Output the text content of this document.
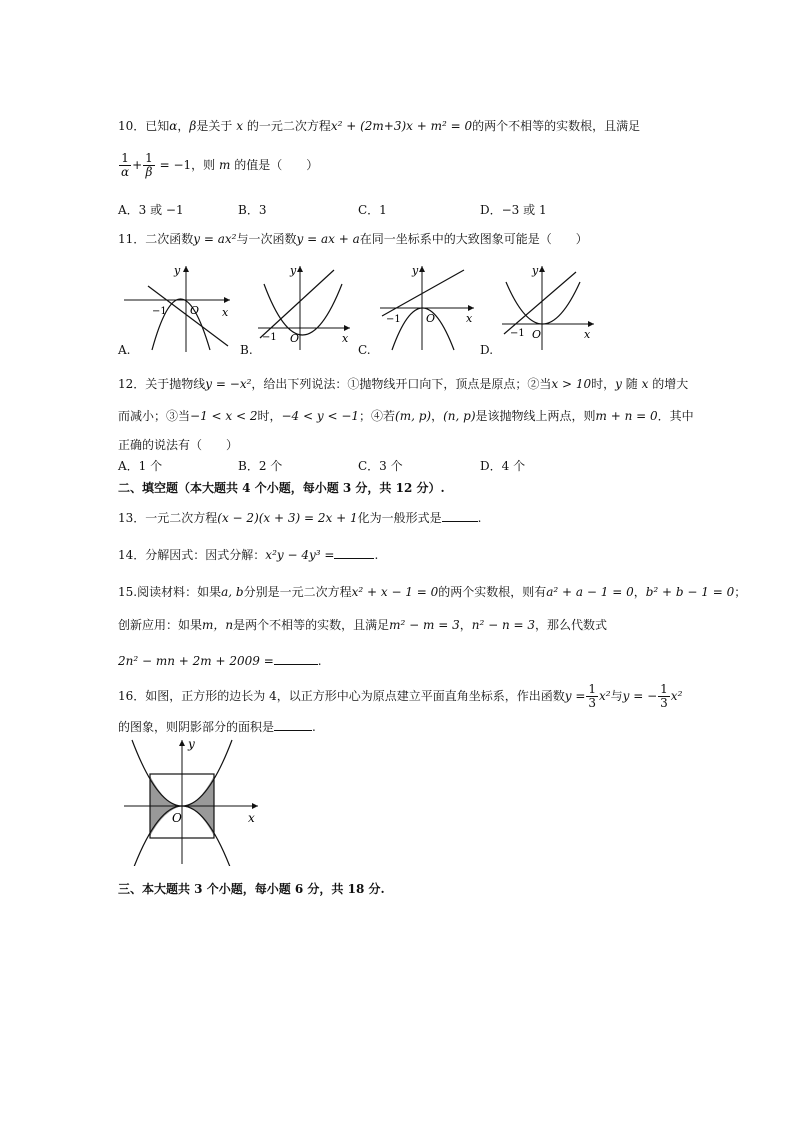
10．已知α，β是关于 x 的一元二次方程x² + (2m+3)x + m² = 0的两个不相等的实数根，且满足
$\frac{1}{\alpha} + \frac{1}{\beta} = -1$，则 m 的值是（　　）
A．3 或 −1	B．3	C．1	D．−3 或 1
11．二次函数y = ax²与一次函数y = ax + a在同一坐标系中的大致图象可能是（　　）
y
x
−1 O
A.
y
x
−1 O
B.
y
x
−1 O
C.
y
x
−1 O
D.
12．关于抛物线y = −x²，给出下列说法：①抛物线开口向下，顶点是原点；②当x > 10时，y 随 x 的增大
而减小；③当−1 < x < 2时，−4 < y < −1；④若(m, p)，(n, p)是该抛物线上两点，则m + n = 0．其中
正确的说法有（　　）
A．1 个	B．2 个	C．3 个	D．4 个
二、填空题（本大题共 4 个小题，每小题 3 分，共 12 分）.
13．一元二次方程(x − 2)(x + 3) = 2x + 1化为一般形式是	.
14．分解因式：因式分解：x²y − 4y³ =	.
15.阅读材料：如果a, b分别是一元二次方程x² + x − 1 = 0的两个实数根，则有a² + a − 1 = 0，b² + b − 1 = 0；
创新应用：如果m，n是两个不相等的实数，且满足m² − m = 3，n² − n = 3，那么代数式
2n² − mn + 2m + 2009 =	.
16．如图，正方形的边长为 4，以正方形中心为原点建立平面直角坐标系，作出函数$y = \frac{1}{3} x^2$与y = − $\frac{1}{3} x^2$
的图象，则阴影部分的面积是	.
y
x
O
三、本大题共 3 个小题，每小题 6 分，共 18 分.
